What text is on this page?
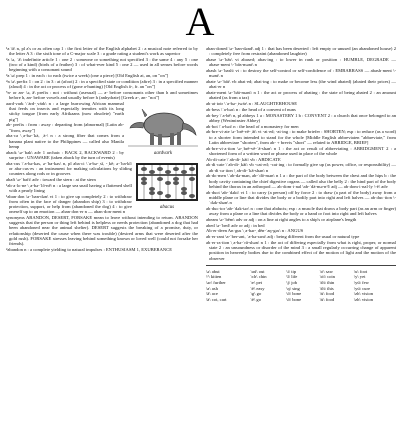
A

¹a \ā\ n, pl a's or as often cap 1 : the first letter of the English alphabet 2 : a musical note referred to by the letter A 3 : the sixth tone of a C-major scale 3 : a grade rating a student's work as superior

²a \ə, ˈā\ indefinite article 1 : one 2 : someone or something not specified 3 : the same 4 : any 5 : one (two of a kind) (birds of a feather) 3 : of what-ever kind 5 : one 2 — used in all senses before words beginning with a consonant sound

³a \ə\ prep 1 : in each : to each (twice a week) (one a piece) [Old English at, an, on "on"]

⁴a \ə\ prefix 1 : on 2 : in 3 : at (afoot) 2 : in a specified state or condition (afire) 3 : in a specified manner (aloud) 4 : in the act or process of (gone a-hunting) [Old English ā-, fr. an "on"]

⁵a- or an- \ə, ā\ prefix : not : without (asexual) — a- before consonants other than h and sometimes before h, an- before vowels and usually before h (anhydrate) [Greek a-, an- "not"]

aardvark

aard·vark \ˈärd-ˌvärk\ n : a large burrowing African mammal that feeds on insects and especially termites with its long sticky tongue [from early Afrikaans (now obsolete) "earth pig"]

ab- prefix : from : away : departing from (abnormal) [Latin ab- "from, away"]

aba·ca \ˌa-bə-ˈkä, ˌä-\ n : a strong fiber that comes from a banana plant native to the Philippines — called also Manila hemp

aback \ə-ˈbak\ adv 1 archaic : BACK 2, BACKWARD 2 : by surprise : UNAWARE (taken aback by the turn of events)

abacus

aba·cus \ˈa-bə-kəs, ə-ˈba-kəs\ n, pl aba·ci \ˈa-bə-ˌsī, -ˌkē; ə-ˈba-kī\ or aba·cus·es : an instrument for making calculations by sliding counters along rods or in grooves

abaft \ə-ˈbaft\ adv : toward the stern : at the stern

¹ab·a·lo·ne \ˌa-bə-ˈlō-nē\ n : a large sea snail having a flattened shell with a pearly lining

¹aban·don \ə-ˈban-dən\ vt 1 : to give up completely 2 : to withdraw from often in the face of danger (abandon ship) 3 : to withdraw protection, support, or help from (abandoned the dog) 4 : to give oneself up to an emotion — aban·don·er n — aban·don·ment n

synonyms ABANDON, DESERT, FORSAKE mean to leave without intending to return. ABANDON suggests that the person or thing left behind is helpless or needs protection (abandoned a dog that had been abandoned near the animal shelter). DESERT suggests the breaking of a promise, duty, or relationship (deserted the cause when there was trouble) (desired arms that were deserted after the gold rush). FORSAKE stresses leaving behind something known or loved well (could not forsake her friends).

²abandon n : a complete yielding to natural impulses : ENTHUSIASM 1, EXUBERANCE

aban·doned \ə-ˈban-dənd\ adj 1 : that has been deserted : left empty or unused (an abandoned house) 2 : completely free from restraint (abandoned laughter)

abase \ə-ˈbās\ vt abased; abas·ing : to lower in rank or position : HUMBLE, DEGRADE — abase·ment \-ˈbās-mənt\ n

abash \ə-ˈbash\ vt : to destroy the self-control or self-confidence of : EMBARRASS — abash·ment \-mənt\ n

abate \ə-ˈbāt\ vb abat·ed; abat·ing : to make or become less (the wind abated) (abated their prices) — abat·er n

abate·ment \ə-ˈbāt-mənt\ n 1 : the act or process of abating : the state of being abated 2 : an amount abated (as from a tax)

ab·at·toir \ˈa-bə-ˌtwär\ n : SLAUGHTERHOUSE

ab·bess \ˈa-bəs\ n : the head of a convent of nuns

ab·bey \ˈa-bē\ n, pl abbeys 1 a : MONASTERY 1 b : CONVENT 2 : a church that once belonged to an abbey (Westminster Abbey)

ab·bot \ˈa-bət\ n : the head of a monastery for men

ab·bre·vi·ate \ə-ˈbrē-vē-ˌāt\ vt -at·ed; -at·ing : to make briefer : SHORTEN; esp : to reduce (as a word) to a shorter form intended to stand for the whole [Middle English abbreviaten "abbreviate," from Latin abbreviare "shorten", from ab- + brevis "short" — related to ABRIDGE, BRIEF]

ab·bre·vi·a·tion \ə-ˌbrē-vē-ˈā-shən\ n 1 : the act or result of abbreviating : ABRIDGMENT 2 : a shortened form of a written word or phrase used in place of the whole

Ab·di·cate \ˈab-di-ˌkāt\ vb : ABDICATE

ab·di·cate \ˈab-di-ˌkāt\ vb -cat·ed; -cat·ing : to formally give up (as power, office, or responsibility) — ab·di·ca·tion \ˌab-di-ˈkā-shən\ n

ab·do·men \ˈab-də-mən, ab-ˈdō-mən\ n 1 a : the part of the body between the chest and the hips b : the body cavity containing the chief digestive organs — called also the belly 2 : the hind part of the body behind the thorax in an arthropod — ab·dom·i·nal \ab-ˈdä-mə-nᵊl\ adj — ab·dom·i·nal·ly \-ē\ adv

ab·duct \ab-ˈdəkt\ vt 1 : to carry (a person) off by force 2 : to draw (a part of the body) away from a middle plane or line that divides the body or a bodily part into right and left halves — ab·duc·tion \-ˈdək-shən\ n

ab·duc·tor \ab-ˈdək-tər\ n : one that abducts; esp : a muscle that draws a body part (as an arm or finger) away from a plane or a line that divides the body or a hand or foot into right and left halves

abeam \ə-ˈbēm\ adv or adj : on a line at right angles to a ship's or airplane's length

abed \ə-ˈbed\ adv or adj : in bed

Ab·er·deen An·gus \ˌa-bər-ˌdēn-ˈaŋ-gəs\ n : ANGUS

ab·er·rant \a-ˈber-ənt, ˈa-bə-rənt\ adj : being different from the usual or natural type

ab·er·ra·tion \ˌa-bə-ˈrā-shən\ n 1 : the act of differing especially from what is right, proper, or normal state 2 : an unsoundness or disorder of the mind 3 : a small regularly occurring change of apparent position in heavenly bodies due to the combined effect of the motion of light and the motion of the observer

\ə\ abut	\aú\ out	\i\ tip	\ȯ\ saw	\u\ foot
\ᵊ\ kitten	\ch\ chin	\ī\ life	\ȯi\ coin	\y\ yet
\ər\ further	\e\ pet	\j\ job	\th\ thin	\yü\ few
\a\ ash	\ē\ easy	\ŋ\ sing	\th\ this	\yu̇\ cure
\ā\ ace	\g\ go	\ō\ bone	\ü\ food	\zh\ vision
\ä\ cot, cart	\ē\ go	\ō\ bone	\ü\ food	\zh\ vision
